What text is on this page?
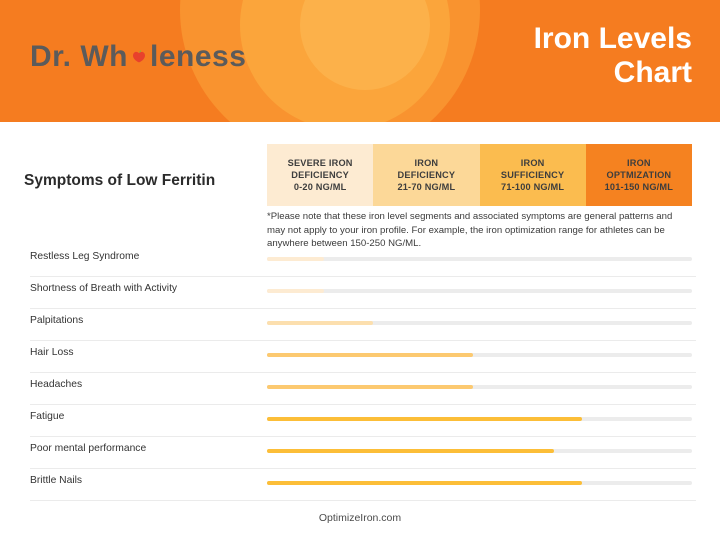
Dr. Wh leness
Iron Levels
Chart
Symptoms of Low Ferritin
SEVERE IRON
DEFICIENCY
0-20 NG/ML
IRON
DEFICIENCY
21-70 NG/ML
IRON
SUFFICIENCY
71-100 NG/ML
IRON
OPTMIZATION
101-150 NG/ML
*Please note that these iron level segments and associated symptoms are general patterns and may not apply to your iron profile. For example, the iron optimization range for athletes can be anywhere between 150-250 NG/ML.
Restless Leg Syndrome
Shortness of Breath with Activity
Palpitations
Hair Loss
Headaches
Fatigue
Poor mental performance
Brittle Nails
OptimizeIron.com
